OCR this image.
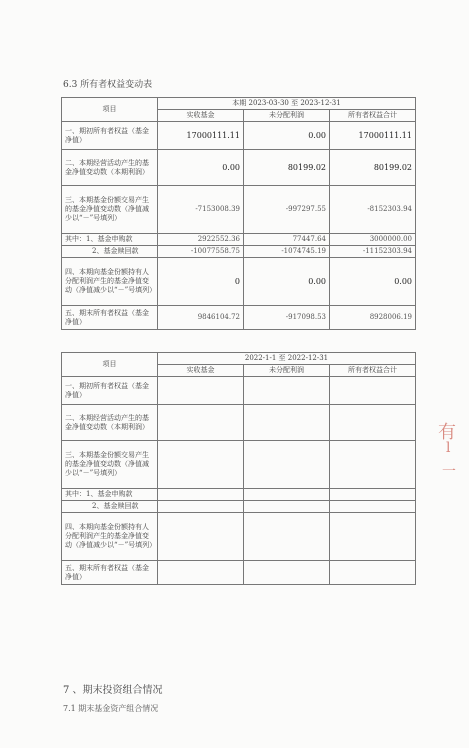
6.3 所有者权益变动表
项目	本期 2023-03-30 至 2023-12-31		
	实收基金	未分配利润	所有者权益合计
一、期初所有者权益（基金净值）	17000111.11	0.00	17000111.11
二、本期经营活动产生的基金净值变动数（本期利润）	0.00	80199.02	80199.02
三、本期基金份额交易产生的基金净值变动数（净值减少以“－”号填列）	-7153008.39	-997297.55	-8152303.94
其中：1、基金申购款	2922552.36	77447.64	3000000.00
2、基金赎回款	-10077558.75	-1074745.19	-11152303.94
四、本期向基金份额持有人分配利润产生的基金净值变动（净值减少以“－”号填列）	0	0.00	0.00
五、期末所有者权益（基金净值）	9846104.72	-917098.53	8928006.19
项目	2022-1-1 至 2022-12-31		
	实收基金	未分配利润	所有者权益合计
一、期初所有者权益（基金净值）			
二、本期经营活动产生的基金净值变动数（本期利润）			
三、本期基金份额交易产生的基金净值变动数（净值减少以“－”号填列）			
其中：1、基金申购款			
2、基金赎回款			
四、本期向基金份额持有人分配利润产生的基金净值变动（净值减少以“－”号填列）			
五、期末所有者权益（基金净值）			
7 、期末投资组合情况
7.1 期末基金资产组合情况
有
l
一
